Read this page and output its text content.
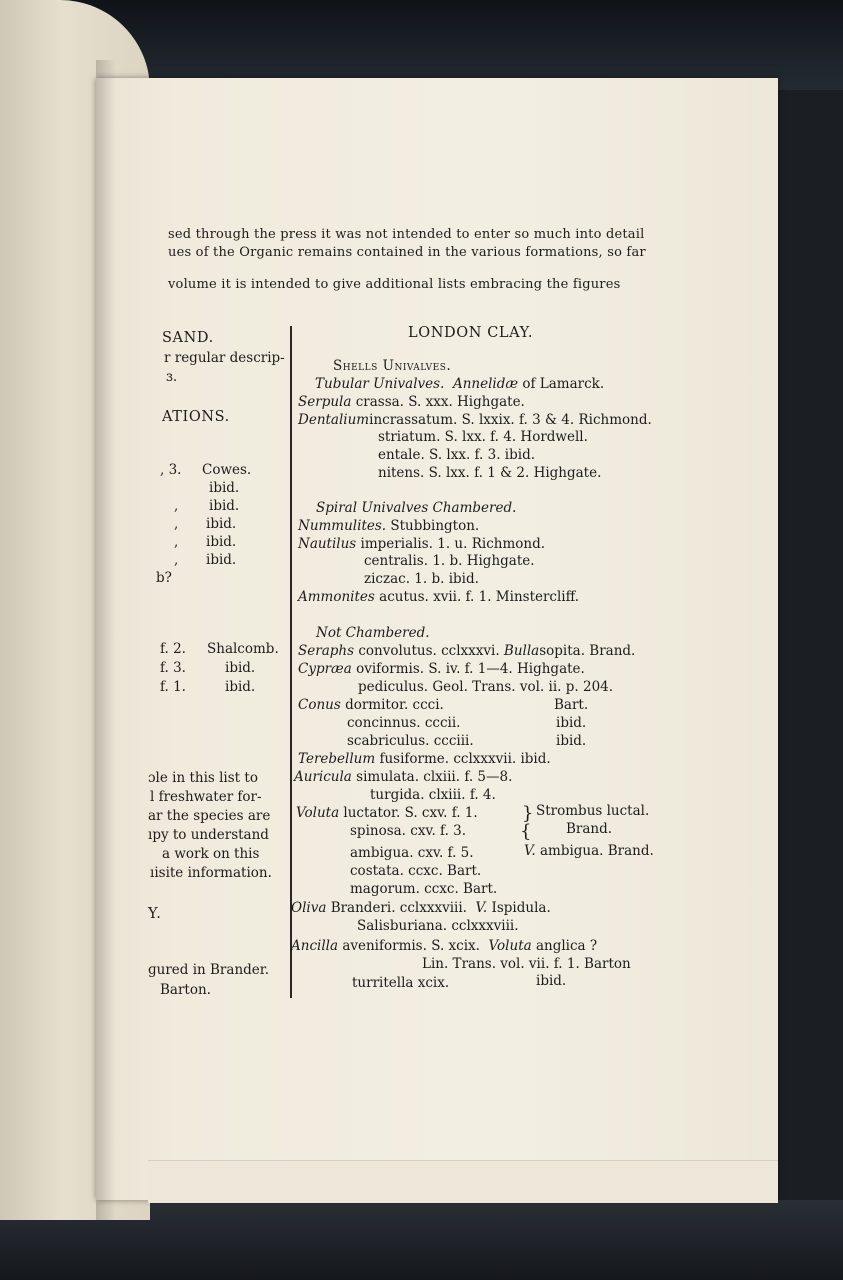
sed through the press it was not intended to enter so much into detail
ues of the Organic remains contained in the various formations, so far
volume it is intended to give additional lists embracing the figures
SAND.
r regular descrip-
ɜ.
ATIONS.
, 3. Cowes.
ibid.
, ibid.
, ibid.
, ibid.
, ibid.
b?
f. 2. Shalcomb.
f. 3.	ibid.
f. 1.	ibid.
ɔle in this list to
l freshwater for-
ar the species are
ıpy to understand
a work on this
ıisite information.
Y.
ɡured in Brander.
Barton.
LONDON CLAY.
Shells Univalves.
Tubular Univalves. Annelidæ of Lamarck.
Serpula crassa. S. xxx. Highgate.
Dentaliumincrassatum. S. lxxix. f. 3 & 4. Richmond.
striatum. S. lxx. f. 4. Hordwell.
entale. S. lxx. f. 3. ibid.
nitens. S. lxx. f. 1 & 2. Highgate.
Spiral Univalves Chambered.
Nummulites. Stubbington.
Nautilus imperialis. 1. u. Richmond.
centralis. 1. b. Highgate.
ziczac. 1. b. ibid.
Ammonites acutus. xvii. f. 1. Minstercliff.
Not Chambered.
Seraphs convolutus. cclxxxvi. Bullasopita. Brand.
Cypræa oviformis. S. iv. f. 1—4. Highgate.
pediculus. Geol. Trans. vol. ii. p. 204.
Conus dormitor. ccci.	Bart.
concinnus. cccii.	ibid.
scabriculus. ccciii.	ibid.
Terebellum fusiforme. cclxxxvii. ibid.
Auricula simulata. clxiii. f. 5—8.
turgida. clxiii. f. 4.
Voluta luctator. S. cxv. f. 1. } Strombus luctal.
spinosa. cxv. f. 3.	{	Brand.
ambigua. cxv. f. 5.	V. ambigua. Brand.
costata. ccxc. Bart.
magorum. ccxc. Bart.
Oliva Branderi. cclxxxviii. V. Ispidula.
Salisburiana. cclxxxviii.
Ancilla aveniformis. S. xcix. Voluta anglica ?
Lin. Trans. vol. vii. f. 1. Barton
turritella xcix.	ibid.
